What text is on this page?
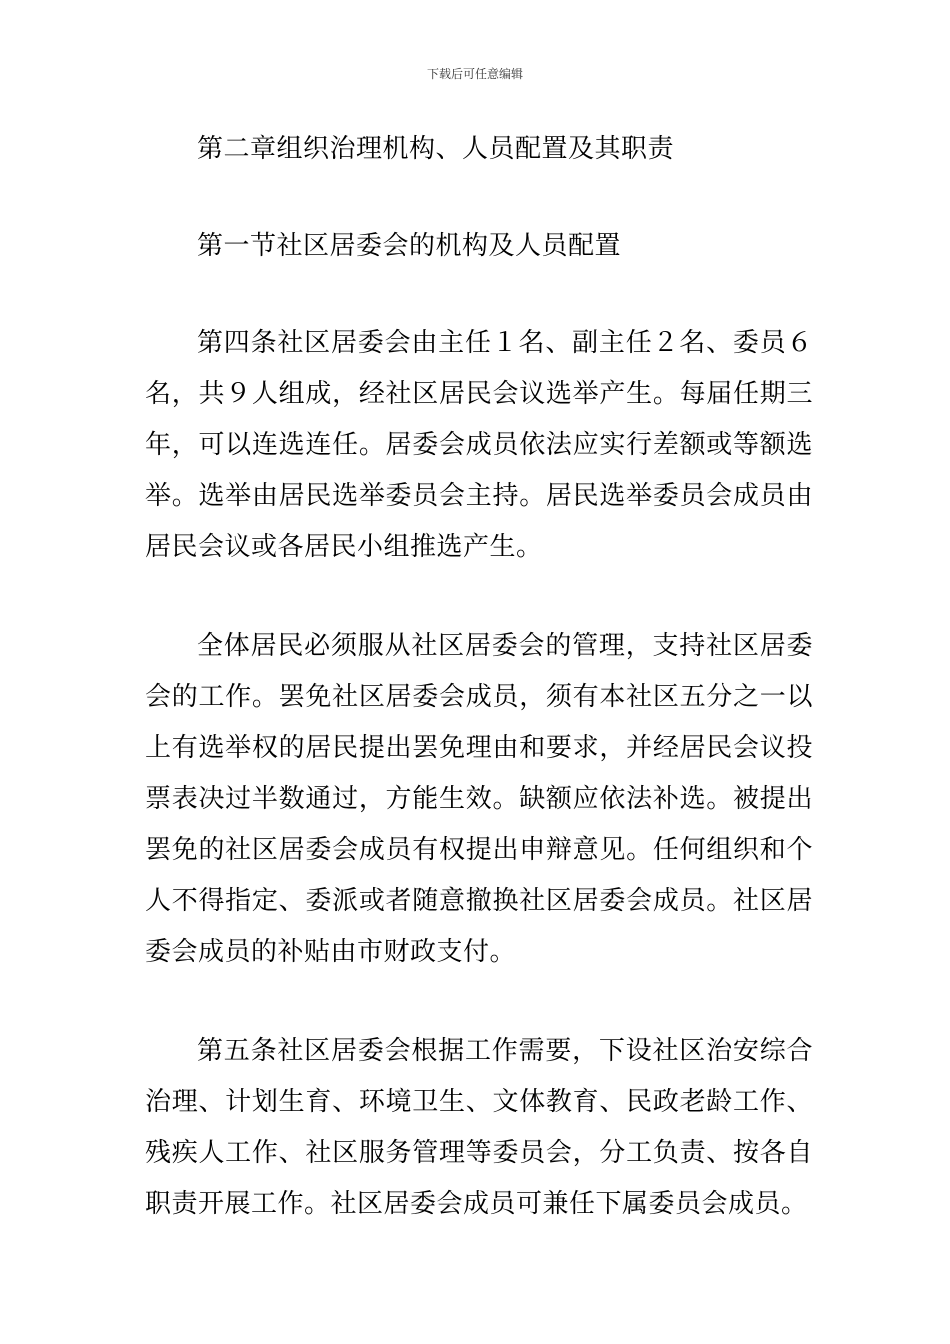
下载后可任意编辑

第二章组织治理机构、人员配置及其职责

第一节社区居委会的机构及人员配置

第四条社区居委会由主任１名、副主任２名、委员６名，共９人组成，经社区居民会议选举产生。每届任期三年，可以连选连任。居委会成员依法应实行差额或等额选举。选举由居民选举委员会主持。居民选举委员会成员由居民会议或各居民小组推选产生。

全体居民必须服从社区居委会的管理，支持社区居委会的工作。罢免社区居委会成员，须有本社区五分之一以上有选举权的居民提出罢免理由和要求，并经居民会议投票表决过半数通过，方能生效。缺额应依法补选。被提出罢免的社区居委会成员有权提出申辩意见。任何组织和个人不得指定、委派或者随意撤换社区居委会成员。社区居委会成员的补贴由市财政支付。

第五条社区居委会根据工作需要，下设社区治安综合治理、计划生育、环境卫生、文体教育、民政老龄工作、残疾人工作、社区服务管理等委员会，分工负责、按各自职责开展工作。社区居委会成员可兼任下属委员会成员。
